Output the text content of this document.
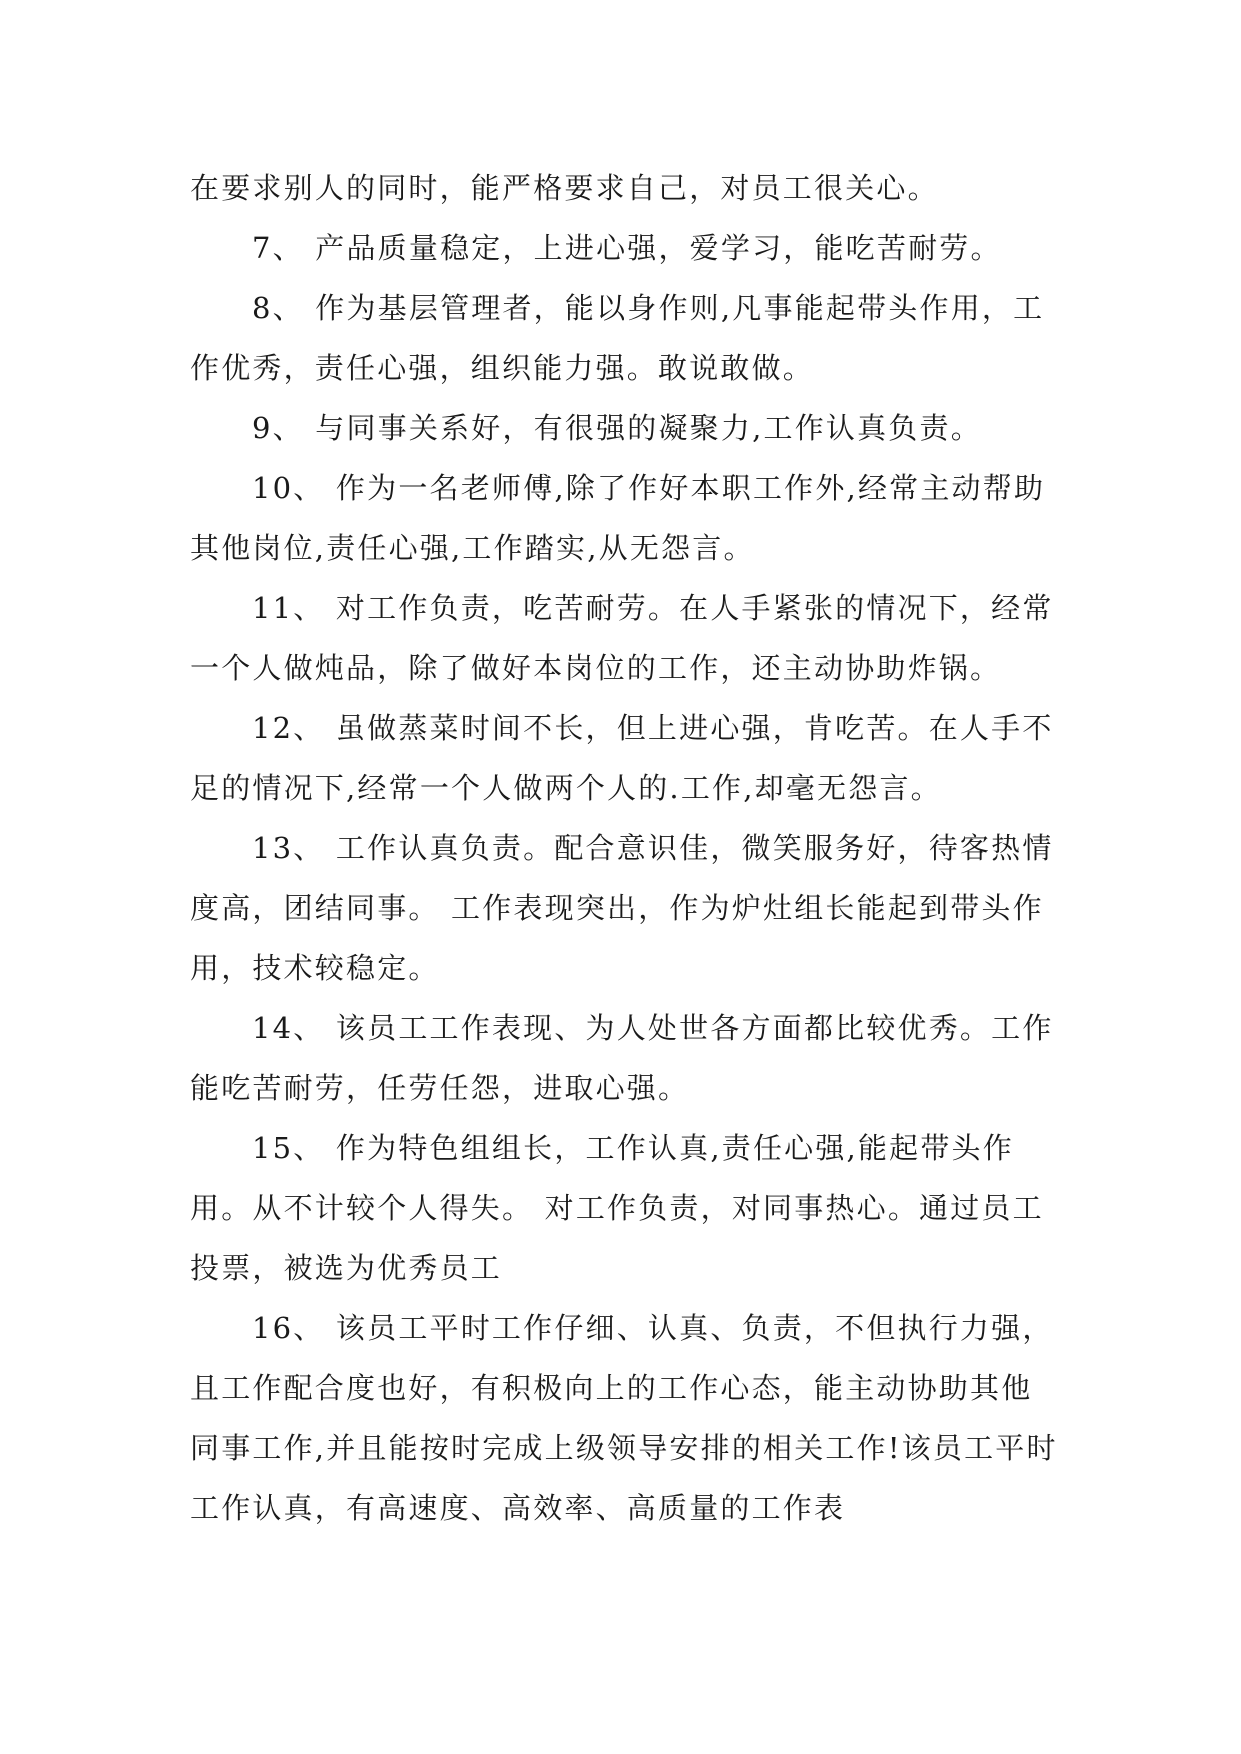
在要求别人的同时，能严格要求自己，对员工很关心。

7、 产品质量稳定，上进心强，爱学习，能吃苦耐劳。

8、 作为基层管理者，能以身作则,凡事能起带头作用，工作优秀，责任心强，组织能力强。敢说敢做。

9、 与同事关系好，有很强的凝聚力,工作认真负责。

10、 作为一名老师傅,除了作好本职工作外,经常主动帮助其他岗位,责任心强,工作踏实,从无怨言。

11、 对工作负责，吃苦耐劳。在人手紧张的情况下，经常一个人做炖品，除了做好本岗位的工作，还主动协助炸锅。

12、 虽做蒸菜时间不长，但上进心强，肯吃苦。在人手不足的情况下,经常一个人做两个人的.工作,却毫无怨言。

13、 工作认真负责。配合意识佳，微笑服务好，待客热情度高，团结同事。 工作表现突出，作为炉灶组长能起到带头作用，技术较稳定。

14、 该员工工作表现、为人处世各方面都比较优秀。工作能吃苦耐劳，任劳任怨，进取心强。

15、 作为特色组组长，工作认真,责任心强,能起带头作用。从不计较个人得失。 对工作负责，对同事热心。通过员工投票，被选为优秀员工

16、 该员工平时工作仔细、认真、负责，不但执行力强，且工作配合度也好，有积极向上的工作心态，能主动协助其他同事工作,并且能按时完成上级领导安排的相关工作!该员工平时工作认真，有高速度、高效率、高质量的工作表
